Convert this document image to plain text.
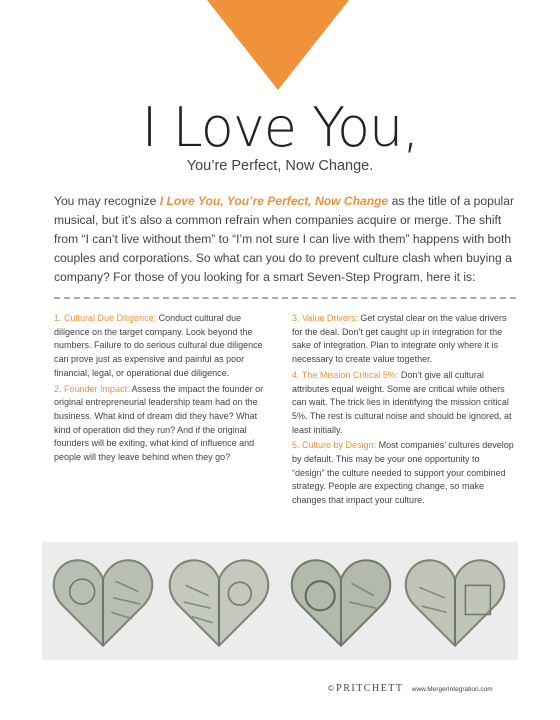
I Love You,
You’re Perfect, Now Change.
You may recognize I Love You, You’re Perfect, Now Change as the title of a popular musical, but it’s also a common refrain when companies acquire or merge. The shift from “I can’t live without them” to “I’m not sure I can live with them” happens with both couples and corporations. So what can you do to prevent culture clash when buying a company? For those of you looking for a smart Seven-Step Program, here it is:

1. Cultural Due Diligence: Conduct cultural due diligence on the target company. Look beyond the numbers. Failure to do serious cultural due diligence can prove just as expensive and painful as poor financial, legal, or operational due diligence.

2. Founder Impact: Assess the impact the founder or original entrepreneurial leadership team had on the business. What kind of dream did they have? What kind of operation did they run? And if the original founders will be exiting, what kind of influence and people will they leave behind when they go?

3. Value Drivers: Get crystal clear on the value drivers for the deal. Don’t get caught up in integration for the sake of integration. Plan to integrate only where it is necessary to create value together.

4. The Mission Critical 5%: Don’t give all cultural attributes equal weight. Some are critical while others can wait. The trick lies in identifying the mission critical 5%. The rest is cultural noise and should be ignored, at least initially.

5. Culture by Design: Most companies’ cultures develop by default. This may be your one opportunity to “design” the culture needed to support your combined strategy. People are expecting change, so make changes that impact your culture.

© PRITCHETT www.MergerIntegration.com
